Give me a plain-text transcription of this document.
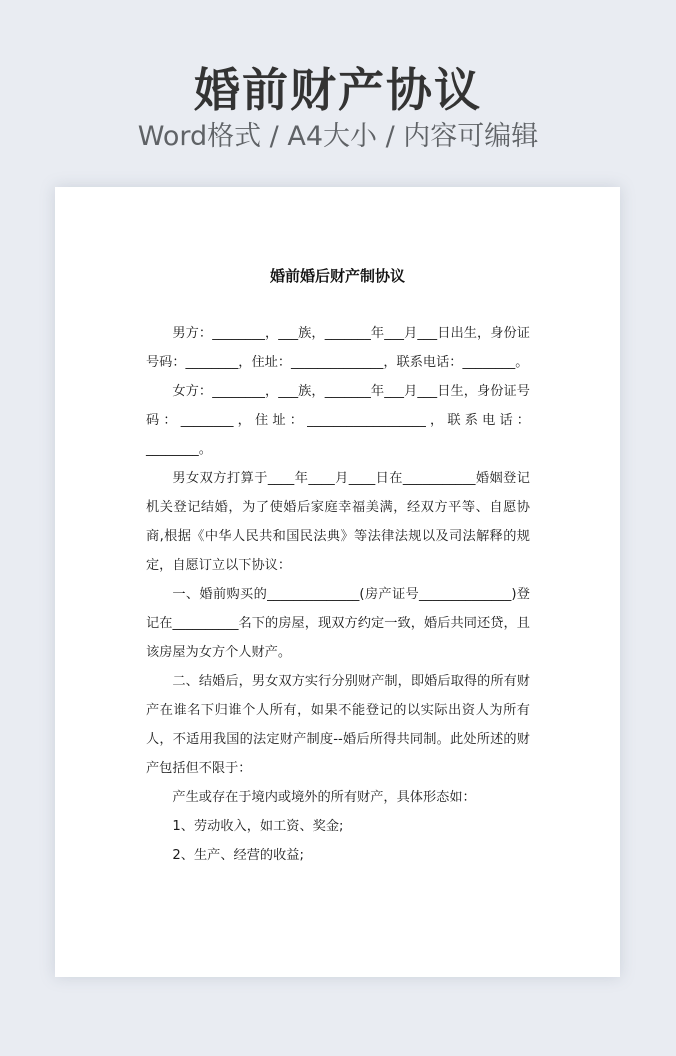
婚前财产协议
Word格式 / A4大小 / 内容可编辑
婚前婚后财产制协议

男方：________，___族，_______年___月___日出生，身份证号码：________，住址：______________，联系电话：________。

女方：________，___族，_______年___月___日生，身份证号码：________，住址：__________________，联系电话：________。

男女双方打算于____年____月____日在___________婚姻登记机关登记结婚，为了使婚后家庭幸福美满，经双方平等、自愿协商,根据《中华人民共和国民法典》等法律法规以及司法解释的规定，自愿订立以下协议：

一、婚前购买的______________(房产证号______________)登记在__________名下的房屋，现双方约定一致，婚后共同还贷，且该房屋为女方个人财产。

二、结婚后，男女双方实行分别财产制，即婚后取得的所有财产在谁名下归谁个人所有，如果不能登记的以实际出资人为所有人，不适用我国的法定财产制度--婚后所得共同制。此处所述的财产包括但不限于：

产生或存在于境内或境外的所有财产，具体形态如：

1、劳动收入，如工资、奖金;

2、生产、经营的收益;
